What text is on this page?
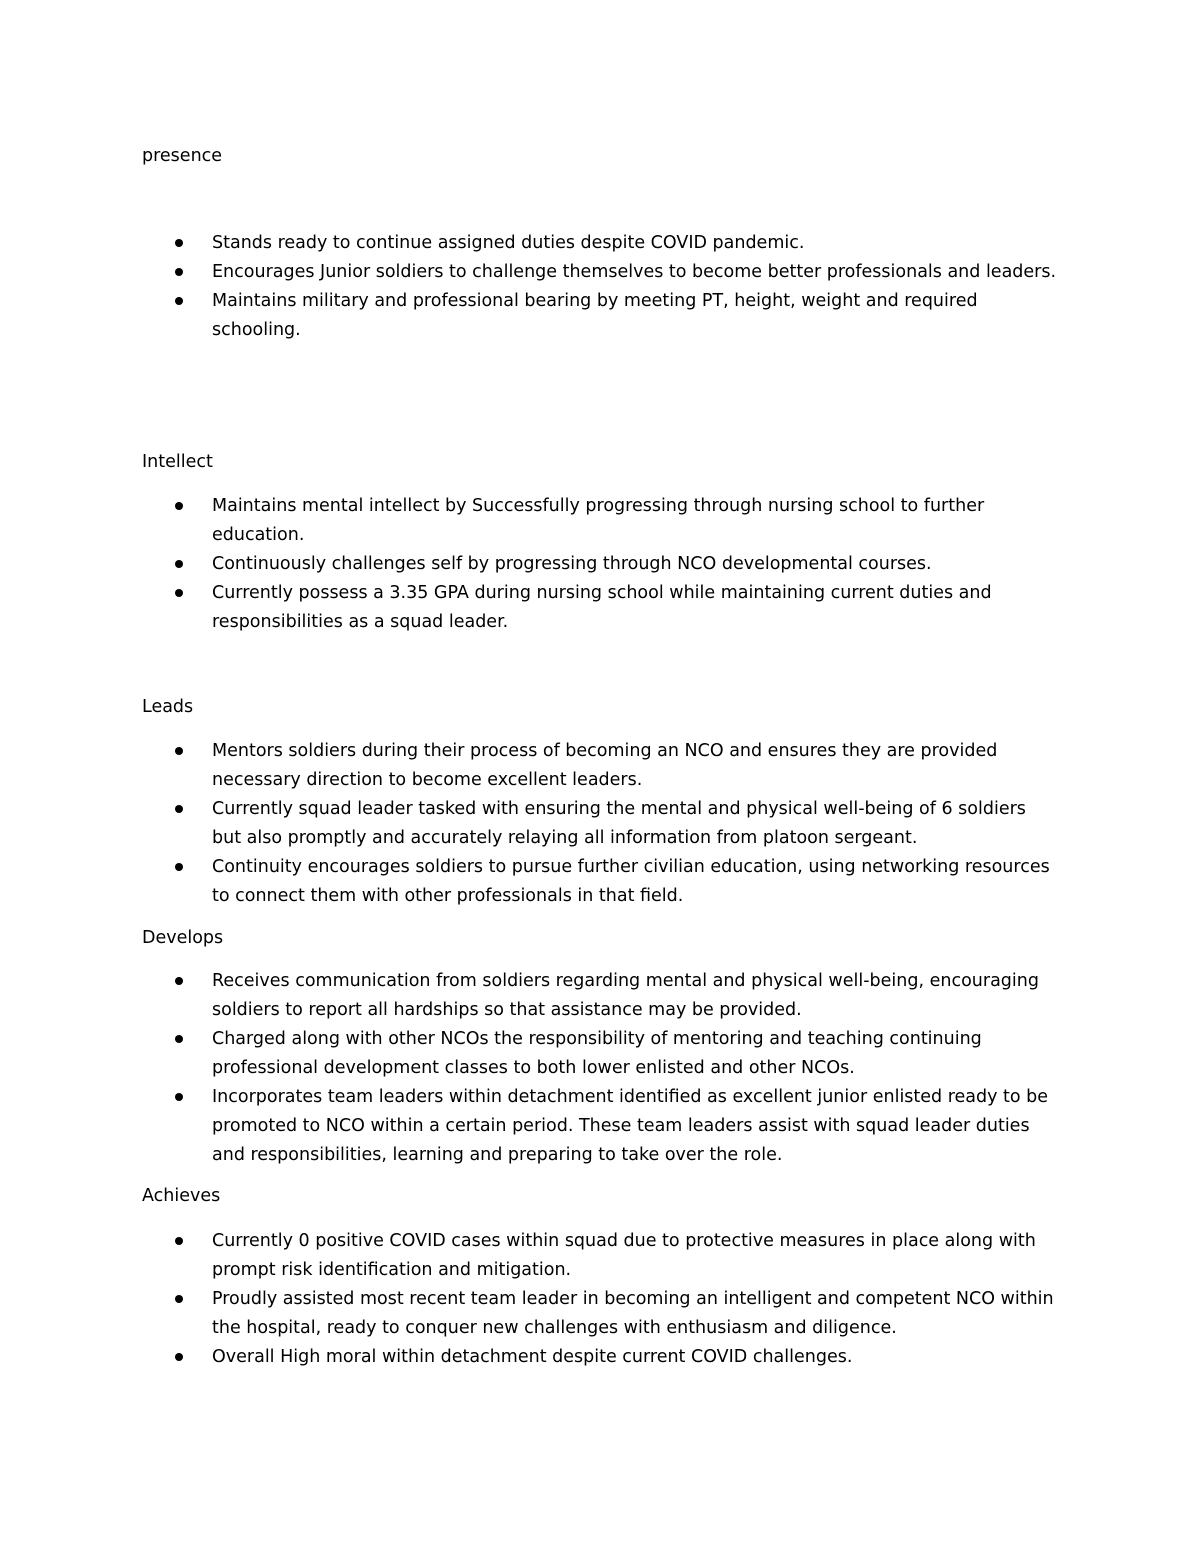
presence
Stands ready to continue assigned duties despite COVID pandemic.
Encourages Junior soldiers to challenge themselves to become better professionals and leaders.
Maintains military and professional bearing by meeting PT, height, weight and required schooling.
Intellect
Maintains mental intellect by Successfully progressing through nursing school to further education.
Continuously challenges self by progressing through NCO developmental courses.
Currently possess a 3.35 GPA during nursing school while maintaining current duties and responsibilities as a squad leader.
Leads
Mentors soldiers during their process of becoming an NCO and ensures they are provided necessary direction to become excellent leaders.
Currently squad leader tasked with ensuring the mental and physical well-being of 6 soldiers but also promptly and accurately relaying all information from platoon sergeant.
Continuity encourages soldiers to pursue further civilian education, using networking resources to connect them with other professionals in that field.
Develops
Receives communication from soldiers regarding mental and physical well-being, encouraging soldiers to report all hardships so that assistance may be provided.
Charged along with other NCOs the responsibility of mentoring and teaching continuing professional development classes to both lower enlisted and other NCOs.
Incorporates team leaders within detachment identified as excellent junior enlisted ready to be promoted to NCO within a certain period. These team leaders assist with squad leader duties and responsibilities, learning and preparing to take over the role.
Achieves
Currently 0 positive COVID cases within squad due to protective measures in place along with prompt risk identification and mitigation.
Proudly assisted most recent team leader in becoming an intelligent and competent NCO within the hospital, ready to conquer new challenges with enthusiasm and diligence.
Overall High moral within detachment despite current COVID challenges.
